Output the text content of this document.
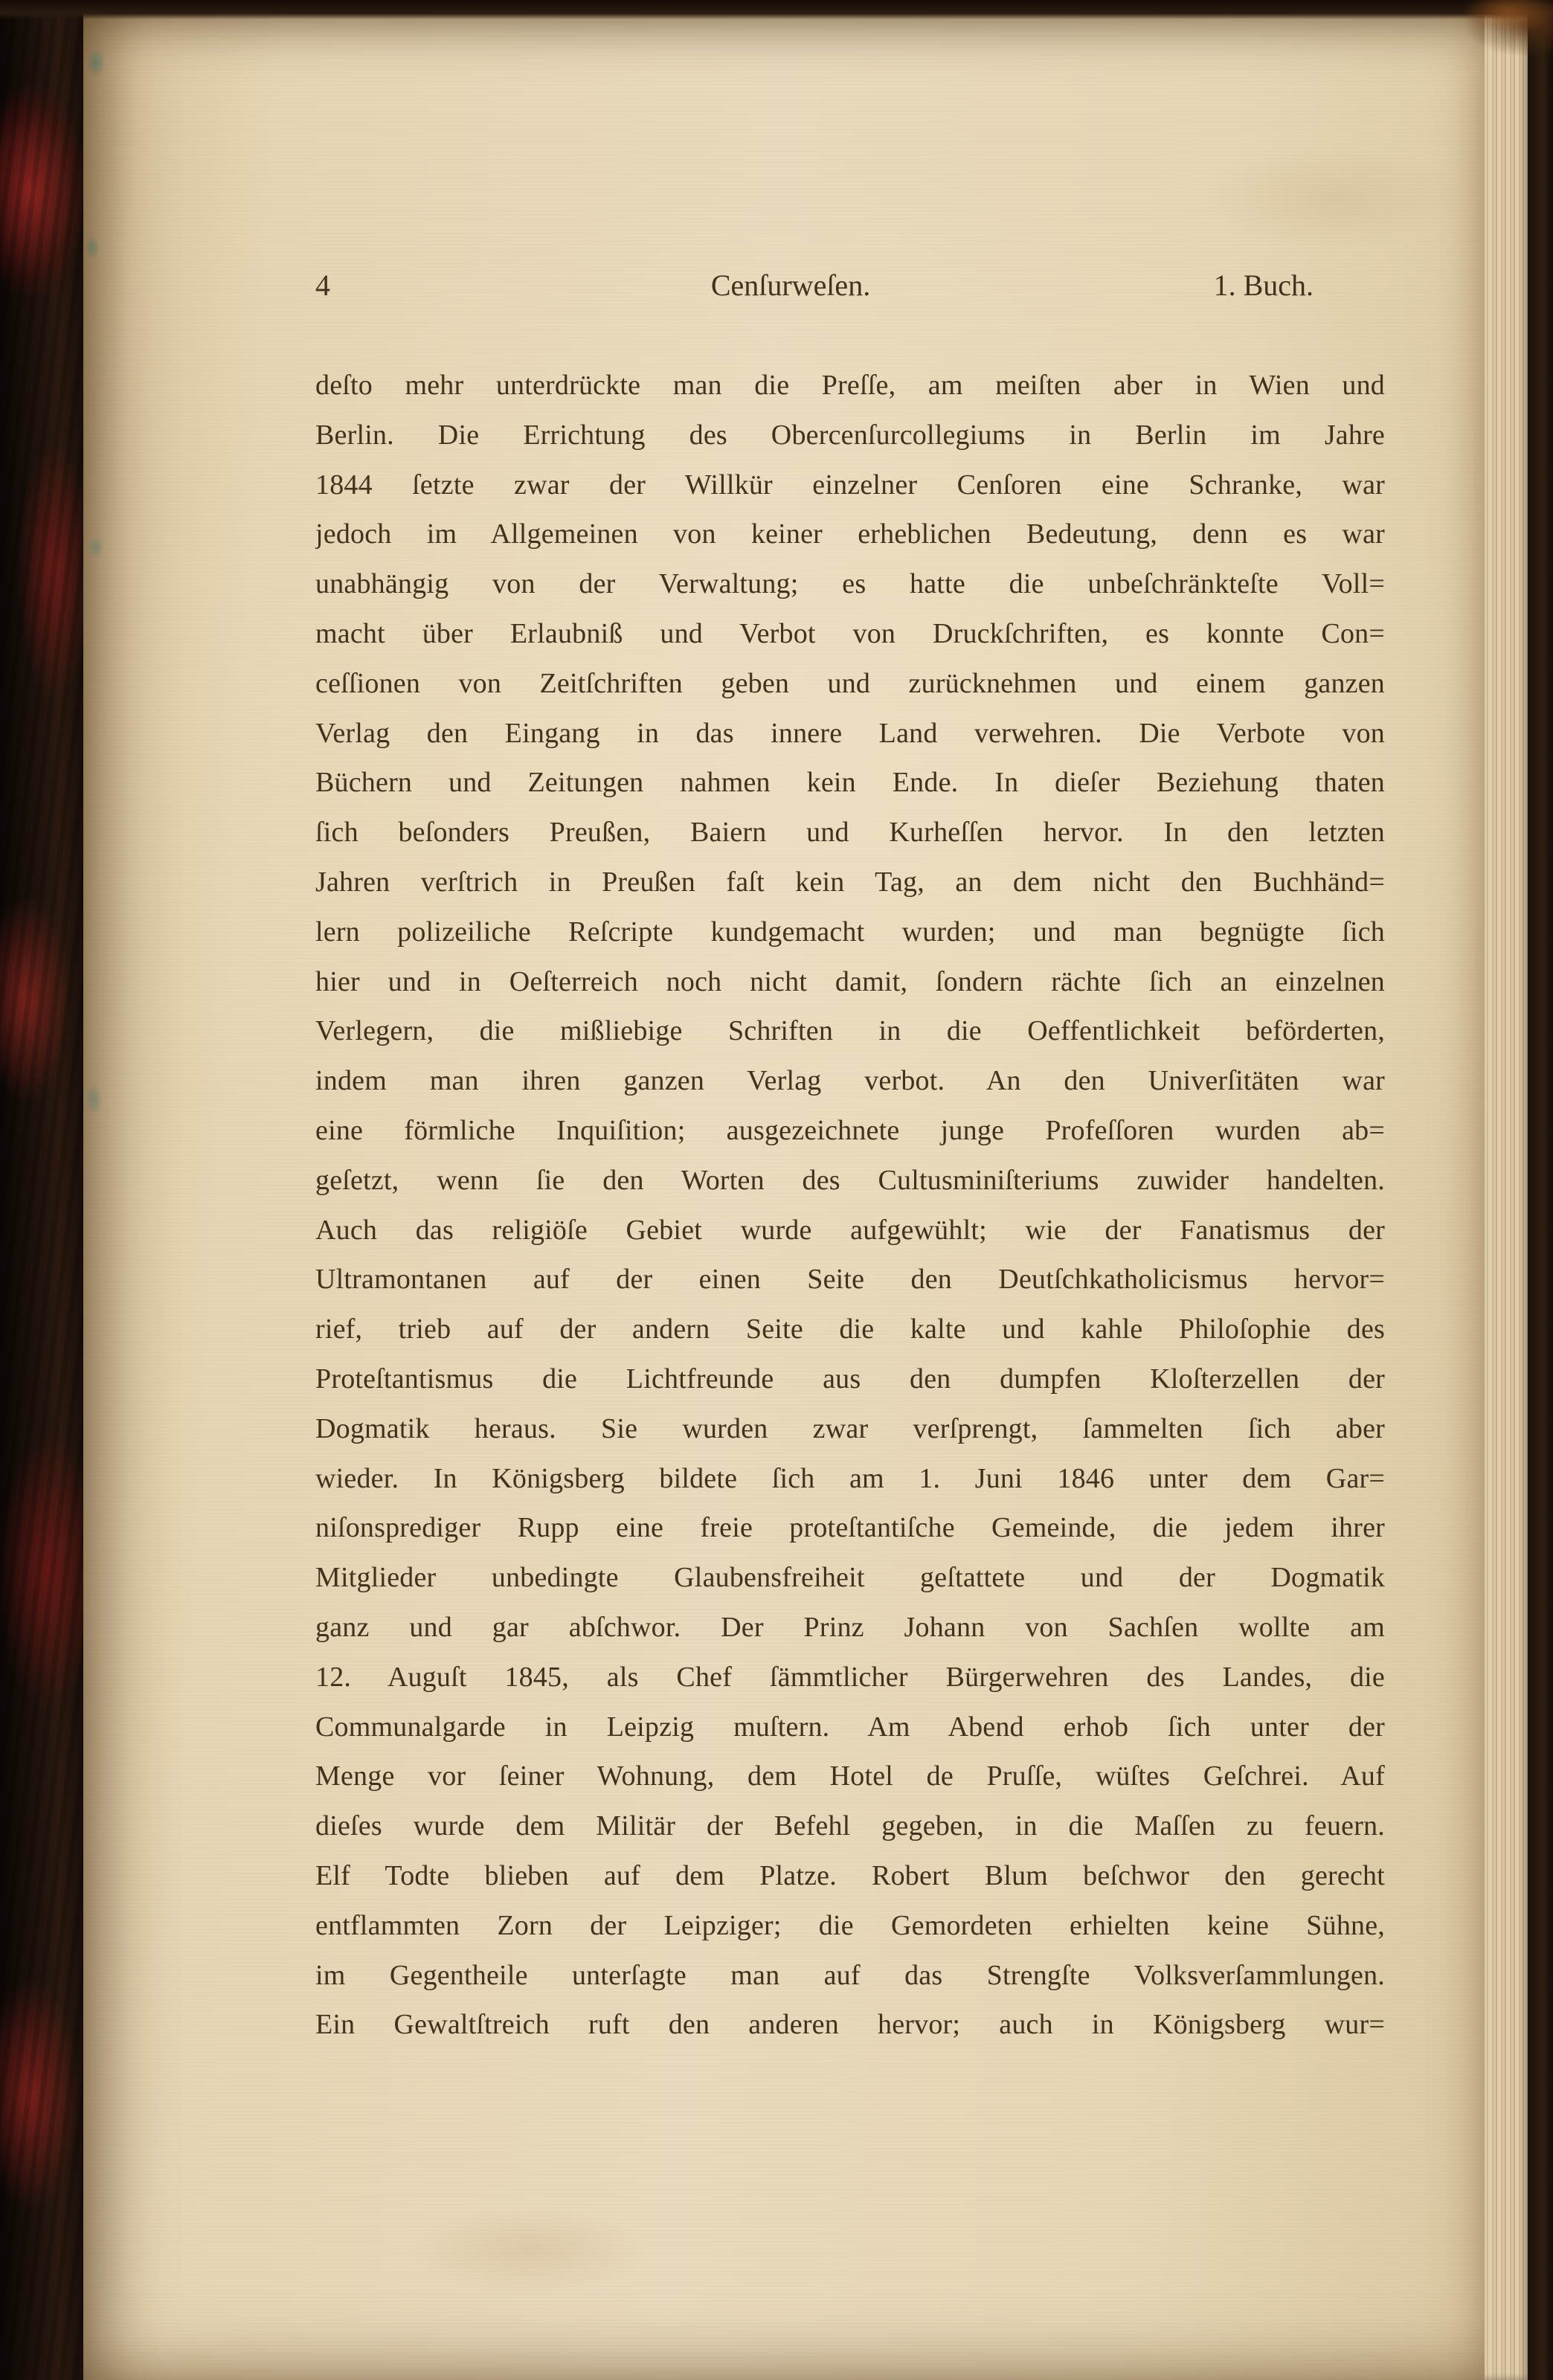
4	Cenſurweſen.	1. Buch.
deſto mehr unterdrückte man die Preſſe, am meiſten aber in Wien und
Berlin. Die Errichtung des Obercenſurcollegiums in Berlin im Jahre
1844 ſetzte zwar der Willkür einzelner Cenſoren eine Schranke, war
jedoch im Allgemeinen von keiner erheblichen Bedeutung, denn es war
unabhängig von der Verwaltung; es hatte die unbeſchränkteſte Voll=
macht über Erlaubniß und Verbot von Druckſchriften, es konnte Con=
ceſſionen von Zeitſchriften geben und zurücknehmen und einem ganzen
Verlag den Eingang in das innere Land verwehren. Die Verbote von
Büchern und Zeitungen nahmen kein Ende. In dieſer Beziehung thaten
ſich beſonders Preußen, Baiern und Kurheſſen hervor. In den letzten
Jahren verſtrich in Preußen faſt kein Tag, an dem nicht den Buchhänd=
lern polizeiliche Reſcripte kundgemacht wurden; und man begnügte ſich
hier und in Oeſterreich noch nicht damit, ſondern rächte ſich an einzelnen
Verlegern, die mißliebige Schriften in die Oeffentlichkeit beförderten,
indem man ihren ganzen Verlag verbot. An den Univerſitäten war
eine förmliche Inquiſition; ausgezeichnete junge Profeſſoren wurden ab=
geſetzt, wenn ſie den Worten des Cultusminiſteriums zuwider handelten.
Auch das religiöſe Gebiet wurde aufgewühlt; wie der Fanatismus der
Ultramontanen auf der einen Seite den Deutſchkatholicismus hervor=
rief, trieb auf der andern Seite die kalte und kahle Philoſophie des
Proteſtantismus die Lichtfreunde aus den dumpfen Kloſterzellen der
Dogmatik heraus. Sie wurden zwar verſprengt, ſammelten ſich aber
wieder. In Königsberg bildete ſich am 1. Juni 1846 unter dem Gar=
niſonsprediger Rupp eine freie proteſtantiſche Gemeinde, die jedem ihrer
Mitglieder unbedingte Glaubensfreiheit geſtattete und der Dogmatik
ganz und gar abſchwor. Der Prinz Johann von Sachſen wollte am
12. Auguſt 1845, als Chef ſämmtlicher Bürgerwehren des Landes, die
Communalgarde in Leipzig muſtern. Am Abend erhob ſich unter der
Menge vor ſeiner Wohnung, dem Hotel de Pruſſe, wüſtes Geſchrei. Auf
dieſes wurde dem Militär der Befehl gegeben, in die Maſſen zu feuern.
Elf Todte blieben auf dem Platze. Robert Blum beſchwor den gerecht
entflammten Zorn der Leipziger; die Gemordeten erhielten keine Sühne,
im Gegentheile unterſagte man auf das Strengſte Volksverſammlungen.
Ein Gewaltſtreich ruft den anderen hervor; auch in Königsberg wur=
